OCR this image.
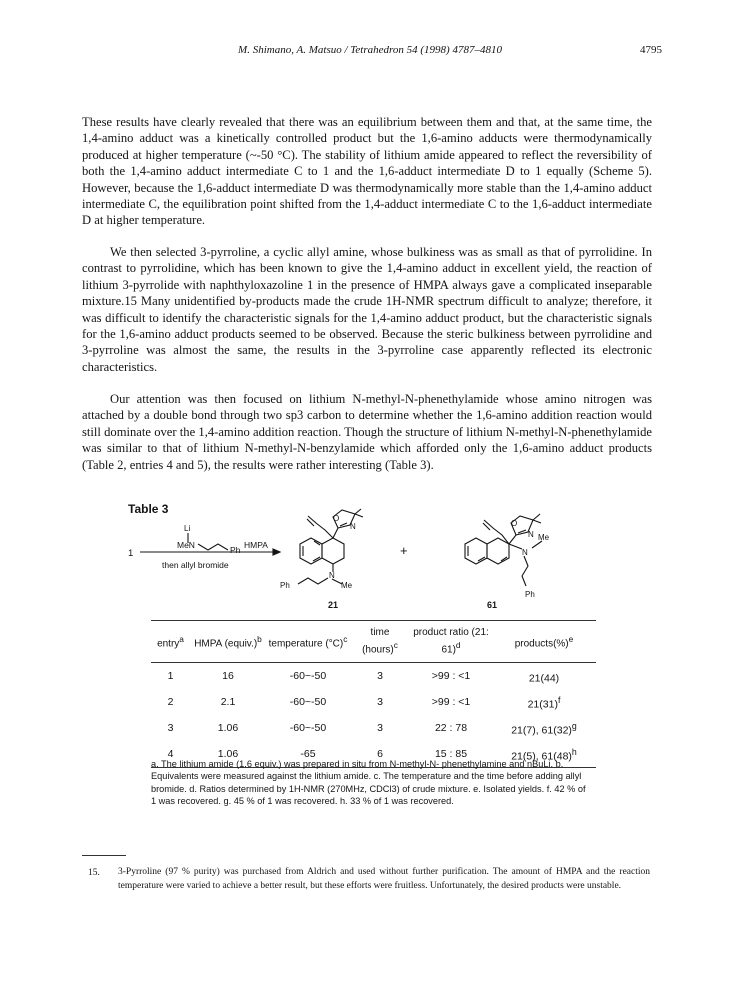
M. Shimano, A. Matsuo / Tetrahedron 54 (1998) 4787–4810	4795

These results have clearly revealed that there was an equilibrium between them and that, at the same time, the 1,4-amino adduct was a kinetically controlled product but the 1,6-amino adducts were thermodynamically produced at higher temperature (~-50 °C). The stability of lithium amide appeared to reflect the reversibility of both the 1,4-amino adduct intermediate C to 1 and the 1,6-adduct intermediate D to 1 equally (Scheme 5). However, because the 1,6-adduct intermediate D was thermodynamically more stable than the 1,4-amino adduct intermediate C, the equilibration point shifted from the 1,4-adduct intermediate C to the 1,6-adduct intermediate D at higher temperature.

We then selected 3-pyrroline, a cyclic allyl amine, whose bulkiness was as small as that of pyrrolidine. In contrast to pyrrolidine, which has been known to give the 1,4-amino adduct in excellent yield, the reaction of lithium 3-pyrrolide with naphthyloxazoline 1 in the presence of HMPA always gave a complicated inseparable mixture.15 Many unidentified by-products made the crude 1H-NMR spectrum difficult to analyze; therefore, it was difficult to identify the characteristic signals for the 1,4-amino adduct product, but the characteristic signals for the 1,6-amino adduct products seemed to be observed. Because the steric bulkiness between pyrrolidine and 3-pyrroline was almost the same, the results in the 3-pyrroline case apparently reflected its electronic characteristics.

Our attention was then focused on lithium N-methyl-N-phenethylamide whose amino nitrogen was attached by a double bond through two sp3 carbon to determine whether the 1,6-amino addition reaction would still dominate over the 1,4-amino addition reaction. Though the structure of lithium N-methyl-N-phenethylamide was similar to that of lithium N-methyl-N-benzylamide which afforded only the 1,6-amino adduct products (Table 2, entries 4 and 5), the results were rather interesting (Table 3).

Table 3
1
Li
MeN	Ph HMPA
then allyl bromide
O
N
N
Me
Ph
21
+
O
N
N
Me
Ph
61
entry$^a$	HMPA (equiv.)$^b$	temperature $(^\circ C)^c$	time (hours)$^c$	product ratio (21: 61)$^d$	products(%)$^e$
1	16	-60~-50	3	>99 : <1	21(44)
2	2.1	-60~-50	3	>99 : <1	$21(31)^f$
3	1.06	-60~-50	3	22 : 78	21(7), $61(32)^g$
4	1.06	-65	6	15 : 85	21(5), $61(48)^h$

a. The lithium amide (1.6 equiv.) was prepared in situ from N-methyl-N- phenethylamine and nBuLi. b. Equivalents were measured against the lithium amide. c. The temperature and the time before adding allyl bromide. d. Ratios determined by 1H-NMR (270MHz, CDCl3) of crude mixture. e. Isolated yields. f. 42 % of 1 was recovered. g. 45 % of 1 was recovered. h. 33 % of 1 was recovered.

15. 3-Pyrroline (97 % purity) was purchased from Aldrich and used without further purification. The amount of HMPA and the reaction temperature were varied to achieve a better result, but these efforts were fruitless. Unfortunately, the desired products were unstable.
